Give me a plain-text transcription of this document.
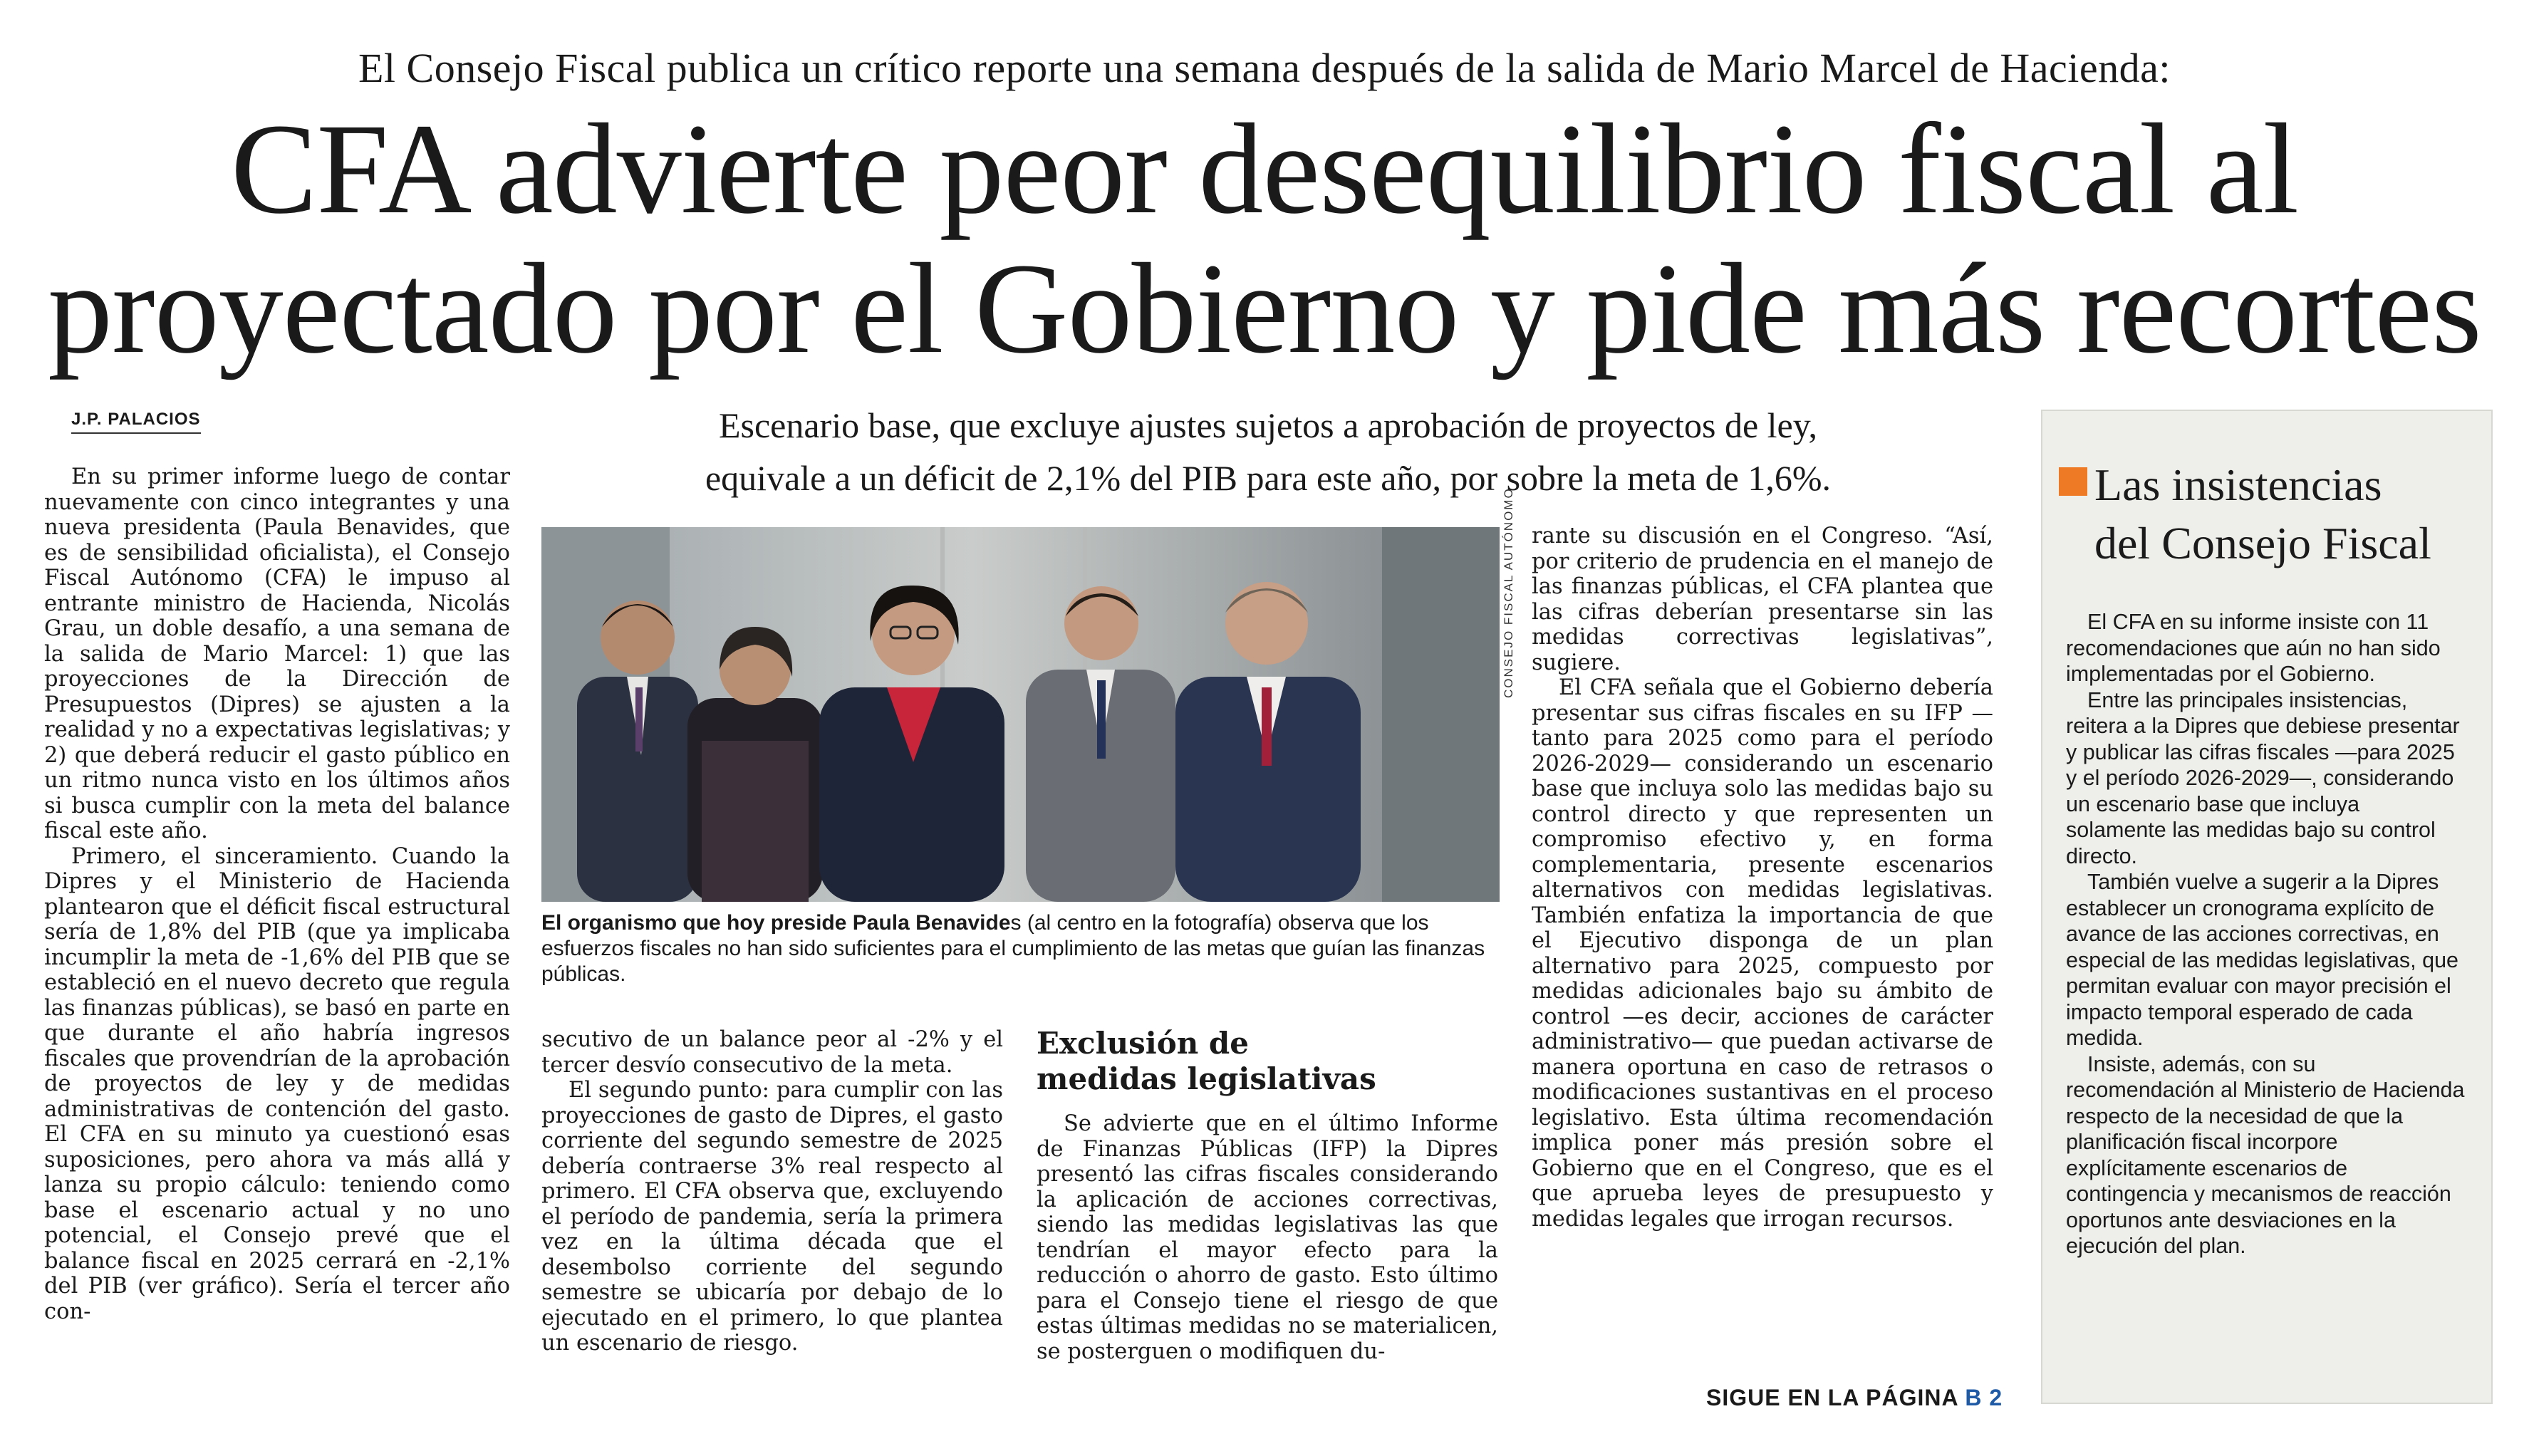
El Consejo Fiscal publica un crítico reporte una semana después de la salida de Mario Marcel de Hacienda:
CFA advierte peor desequilibrio fiscal al
proyectado por el Gobierno y pide más recortes
J.P. PALACIOS	Escenario base, que excluye ajustes sujetos a aprobación de proyectos de ley,
equivale a un déficit de 2,1% del PIB para este año, por sobre la meta de 1,6%.

En su primer informe luego de contar nuevamente con cinco integrantes y una nueva presidenta (Paula Benavides, que es de sensibilidad oficialista), el Consejo Fiscal Autónomo (CFA) le impuso al entrante ministro de Hacienda, Nicolás Grau, un doble desafío, a una semana de la salida de Mario Marcel: 1) que las proyecciones de la Dirección de Presupuestos (Dipres) se ajusten a la realidad y no a expectativas legislativas; y 2) que deberá reducir el gasto público en un ritmo nunca visto en los últimos años si busca cumplir con la meta del balance fiscal este año.

Primero, el sinceramiento. Cuando la Dipres y el Ministerio de Hacienda plantearon que el déficit fiscal estructural sería de 1,8% del PIB (que ya implicaba incumplir la meta de -1,6% del PIB que se estableció en el nuevo decreto que regula las finanzas públicas), se basó en parte en que durante el año habría ingresos fiscales que provendrían de la aprobación de proyectos de ley y de medidas administrativas de contención del gasto. El CFA en su minuto ya cuestionó esas suposiciones, pero ahora va más allá y lanza su propio cálculo: teniendo como base el escenario actual y no uno potencial, el Consejo prevé que el balance fiscal en 2025 cerrará en -2,1% del PIB (ver gráfico). Sería el tercer año con-

CONSEJO FISCAL AUTÓNOMO
El organismo que hoy preside Paula Benavides (al centro en la fotografía) observa que los esfuerzos fiscales no han sido suficientes para el cumplimiento de las metas que guían las finanzas públicas.

secutivo de un balance peor al -2% y el tercer desvío consecutivo de la meta.

El segundo punto: para cumplir con las proyecciones de gasto de Dipres, el gasto corriente del segundo semestre de 2025 debería contraerse 3% real respecto al primero. El CFA observa que, excluyendo el período de pandemia, sería la primera vez en la última década que el desembolso corriente del segundo semestre se ubicaría por debajo de lo ejecutado en el primero, lo que plantea un escenario de riesgo.

Exclusión de
medidas legislativas

Se advierte que en el último Informe de Finanzas Públicas (IFP) la Dipres presentó las cifras fiscales considerando la aplicación de acciones correctivas, siendo las medidas legislativas las que tendrían el mayor efecto para la reducción o ahorro de gasto. Esto último para el Consejo tiene el riesgo de que estas últimas medidas no se materialicen, se posterguen o modifiquen du-

rante su discusión en el Congreso. “Así, por criterio de prudencia en el manejo de las finanzas públicas, el CFA plantea que las cifras deberían presentarse sin las medidas correctivas legislativas”, sugiere.

El CFA señala que el Gobierno debería presentar sus cifras fiscales en su IFP —tanto para 2025 como para el período 2026-2029— considerando un escenario base que incluya solo las medidas bajo su control directo y que representen un compromiso efectivo y, en forma complementaria, presente escenarios alternativos con medidas legislativas. También enfatiza la importancia de que el Ejecutivo disponga de un plan alternativo para 2025, compuesto por medidas adicionales bajo su ámbito de control —es decir, acciones de carácter administrativo— que puedan activarse de manera oportuna en caso de retrasos o modificaciones sustantivas en el proceso legislativo. Esta última recomendación implica poner más presión sobre el Gobierno que en el Congreso, que es el que aprueba leyes de presupuesto y medidas legales que irrogan recursos.

SIGUE EN LA PÁGINA B 2
Las insistencias
del Consejo Fiscal

El CFA en su informe insiste con 11 recomendaciones que aún no han sido implementadas por el Gobierno.

Entre las principales insistencias, reitera a la Dipres que debiese presentar y publicar las cifras fiscales —para 2025 y el período 2026-2029—, considerando un escenario base que incluya solamente las medidas bajo su control directo.

También vuelve a sugerir a la Dipres establecer un cronograma explícito de avance de las acciones correctivas, en especial de las medidas legislativas, que permitan evaluar con mayor precisión el impacto temporal esperado de cada medida.

Insiste, además, con su recomendación al Ministerio de Hacienda respecto de la necesidad de que la planificación fiscal incorpore explícitamente escenarios de contingencia y mecanismos de reacción oportunos ante desviaciones en la ejecución del plan.
